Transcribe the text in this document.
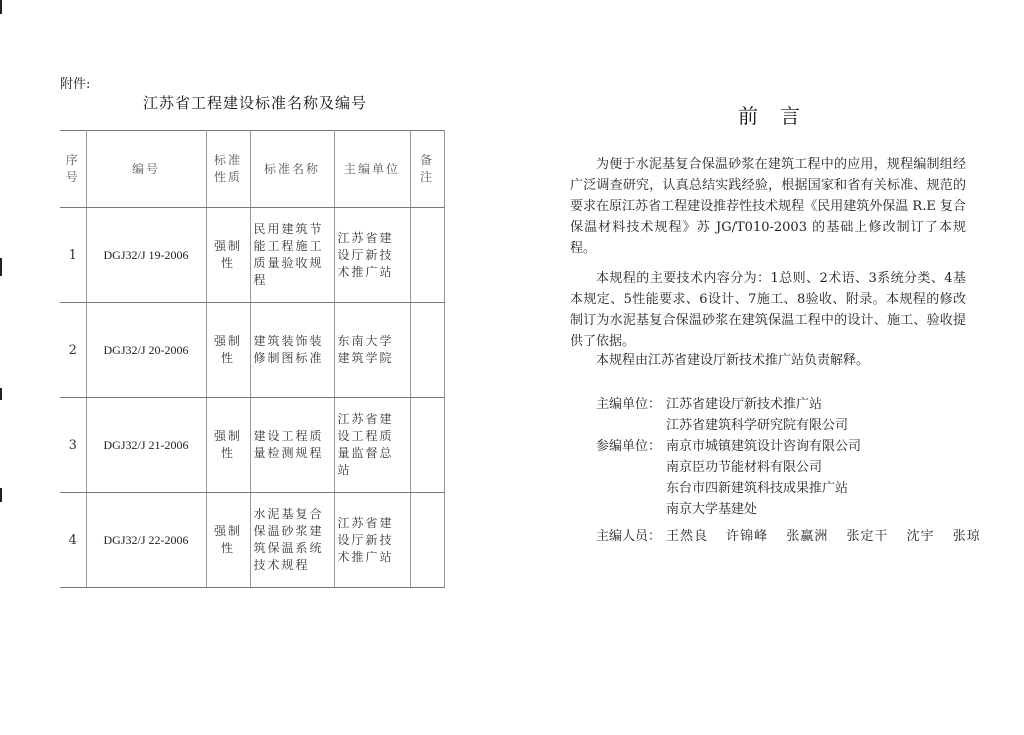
附件:
江苏省工程建设标准名称及编号
序号	编号	标准性质	标准名称	主编单位	备注
1	DGJ32/J 19-2006	强制性	民用建筑节能工程施工质量验收规程	江苏省建设厅新技术推广站	
2	DGJ32/J 20-2006	强制性	建筑装饰装修制图标准	东南大学建筑学院	
3	DGJ32/J 21-2006	强制性	建设工程质量检测规程	江苏省建设工程质量监督总站	
4	DGJ32/J 22-2006	强制性	水泥基复合保温砂浆建筑保温系统技术规程	江苏省建设厅新技术推广站	
前言
为便于水泥基复合保温砂浆在建筑工程中的应用，规程编制组经广泛调查研究，认真总结实践经验，根据国家和省有关标准、规范的要求在原江苏省工程建设推荐性技术规程《民用建筑外保温 R.E 复合保温材料技术规程》苏 JG/T010-2003 的基础上修改制订了本规程。
本规程的主要技术内容分为：1总则、2术语、3系统分类、4基本规定、5性能要求、6设计、7施工、8验收、附录。本规程的修改制订为水泥基复合保温砂浆在建筑保温工程中的设计、施工、验收提供了依据。
本规程由江苏省建设厅新技术推广站负责解释。
主编单位： 江苏省建设厅新技术推广站
江苏省建筑科学研究院有限公司
参编单位： 南京市城镇建筑设计咨询有限公司
南京臣功节能材料有限公司
东台市四新建筑科技成果推广站
南京大学基建处
主编人员： 王然良 许锦峰 张赢洲 张定干 沈宇 张琼
